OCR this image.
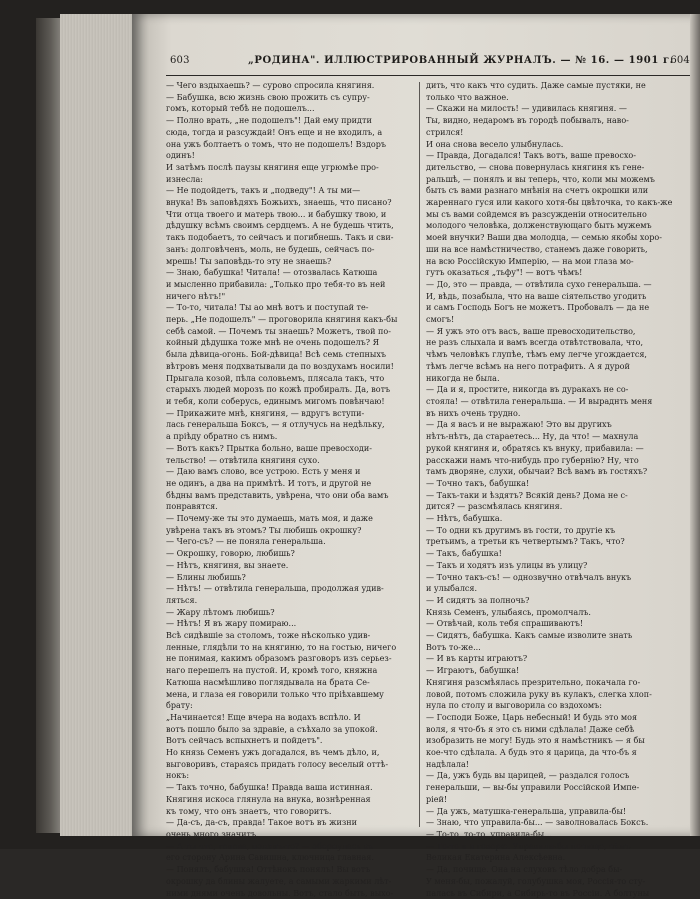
603	„РОДИНА". ИЛЛЮСТРИРОВАННЫЙ ЖУРНАЛЪ. — № 16. — 1901 г.
604
— Чего вздыхаешь? — сурово спросила княгиня.
— Бабушка, всю жизнь свою прожить съ супру-
гомъ, который тебѣ не подошелъ...
— Полно врать, „не подошелъ"! Дай ему придти
сюда, тогда и разсуждай! Онъ еще и не входилъ, а
она ужъ болтаетъ о томъ, что не подошелъ! Вздоръ
одинъ!
И затѣмъ послѣ паузы княгиня еще угрюмѣе про-
изнесла:
— Не подойдетъ, такъ и „подведу"! А ты ми—
внука! Въ заповѣдяхъ Божьихъ, знаешь, что писано?
Чти отца твоего и матерь твою... и бабушку твою, и
дѣдушку всѣмъ своимъ сердцемъ. А не будешь чтить,
такъ подобаетъ, то сейчасъ и погибнешь. Такъ и сви-
занъ: долговѣченъ, моль, не будешь, сейчасъ по-
мрешь! Ты заповѣдь-то эту не знаешь?
— Знаю, бабушка! Читала! — отозвалась Катюша
и мысленно прибавила: „Только про тебя-то въ ней
ничего нѣтъ!"
— То-то, читала! Ты ао мнѣ вотъ и поступай те-
перь. „Не подошелъ" — проговорила княгиня какъ-бы
себѣ самой. — Почемъ ты знаешь? Можетъ, твой по-
койный дѣдушка тоже мнѣ не очень подошелъ? Я
была дѣвица-огонь. Бой-дѣвица! Всѣ семь степныхъ
вѣтровъ меня подхватывали да по воздухамъ носили!
Прыгала козой, пѣла соловьемъ, плясала такъ, что
старыхъ людей морозъ по кожѣ пробиралъ. Да, вотъ
и тебя, коли соберусь, единымъ мигомъ повѣнчаю!
— Прикажите мнѣ, княгиня, — вдругъ вступи-
лась генеральша Боксъ, — я отлучусь на недѣльку,
а пріѣду обратно съ нимъ.
— Вотъ какъ? Прытка больно, ваше превосходи-
тельство! — отвѣтила княгиня сухо.
— Даю вамъ слово, все устрою. Есть у меня и
не одинъ, а два на примѣтѣ. И тотъ, и другой не
бѣдны вамъ представить, увѣрена, что они оба вамъ
понравятся.
— Почему-же ты это думаешь, мать моя, и даже
увѣрена такъ въ этомъ? Ты любишь окрошку?
— Чего-съ? — не поняла генеральша.
— Окрошку, говорю, любишь?
— Нѣтъ, княгиня, вы знаете.
— Блины любишь?
— Нѣтъ! — отвѣтила генеральша, продолжая удив-
ляться.
— Жару лѣтомъ любишь?
— Нѣтъ! Я въ жару помираю...
Всѣ сидѣвшіе за столомъ, тоже нѣсколько удив-
ленные, глядѣли то на княгиню, то на гостью, ничего
не понимая, какимъ образомъ разговоръ изъ серьез-
наго перешелъ на пустой. И, кромѣ того, княжна
Катюша насмѣшливо поглядывала на брата Се-
мена, и глаза ея говорили только что пріѣхавшему
брату:
„Начинается! Еще вчера на водахъ вспѣло. И
вотъ пошло было за здравіе, а съѣхало за упокой.
Вотъ сейчасъ вспыхнетъ и пойдетъ".
Но князь Семенъ ужъ догадался, въ чемъ дѣло, и,
выговоривъ, стараясь придать голосу веселый оттѣ-
нокъ:
— Такъ точно, бабушка! Правда ваша истинная.
Княгиня искоса глянула на внука, вознѣренная
къ тому, что онъ знаетъ, что говоритъ.
— Да-съ, да-съ, правда! Такое вотъ въ жизни
очень много значитъ.
— А ты что, голова, понялъ-то? — обернулась въ
его сторону Арина Савишна, ключница главная.
— Понялъ, бабушка! Оттѣнокъ понялъ! Вы вотъ
окрошку да блины жалуете, а самыми жаркими лѣт-
ними днями очень довольны. Вотъ, стало быть, выхо-
дить, что какъ что судить. Даже самые пустяки, не
только что важное.
— Скажи на милость! — удивилась княгиня. —
Ты, видно, недаромъ въ городѣ побывалъ, наво-
стрился!
И она снова весело улыбнулась.
— Правда, Догадался! Такъ вотъ, ваше превосхо-
дительство, — снова повернулась княгиня къ гене-
ральшѣ, — понялъ и вы теперь, что, коли мы можемъ
быть съ вами разнаго мнѣнія на счетъ окрошки или
жареннаго гуся или какого хотя-бы цвѣточка, то какъ-же
мы съ вами сойдемся въ разсужденіи относительно
молодого человѣка, долженствующаго быть мужемъ
моей внучки? Ваши два молодца, — семью якобы хоро-
ши на все намѣстничество, станемъ даже говорить,
на всю Россійскую Имперію, — на мои глаза мо-
гутъ оказаться „тьфу"! — вотъ чѣмъ!
— До, это — правда, — отвѣтила сухо генеральша. —
И, вѣдь, позабыла, что на ваше сіятельство угодить
и самъ Господь Богъ не можетъ. Пробовалъ — да не
смогъ!
— Я ужъ это отъ васъ, ваше превосходительство,
не разъ слыхала и вамъ всегда отвѣтствовала, что,
чѣмъ человѣкъ глупѣе, тѣмъ ему легче угождается,
тѣмъ легче всѣмъ на него потрафить. А я дурой
никогда не была.
— Да и я, простите, никогда въ дуракахъ не со-
стояла! — отвѣтила генеральша. — И выраднть меня
въ нихъ очень трудно.
— Да я васъ и не выражаю! Это вы другихъ
нѣтъ-нѣтъ, да стараетесь... Ну, да что! — махнула
рукой княгиня и, обратясь къ внуку, прибавила: —
расскажи намъ что-нибудь про губернію? Ну, что
тамъ дворяне, слухи, обычаи? Всѣ вамъ въ гостяхъ?
— Точно такъ, бабушка!
— Такъ-таки и ѣздятъ? Всякій день? Дома не с-
дится? — разсмѣялась княгиня.
— Нѣтъ, бабушка.
— То одни къ другимъ въ гости, то другіе къ
третьимъ, а третьи къ четвертымъ? Такъ, что?
— Такъ, бабушка!
— Такъ и ходятъ изъ улицы въ улицу?
— Точно такъ-съ! — однозвучно отвѣчалъ внукъ
и улыбался.
— И сидятъ за полночь?
Князь Семенъ, улыбаясь, промолчалъ.
— Отвѣчай, коль тебя спрашиваютъ!
— Сидятъ, бабушка. Какъ самые изволите знать
Вотъ то-же...
— И въ карты играютъ?
— Играютъ, бабушка!
Княгиня разсмѣялась презрительно, покачала го-
ловой, потомъ сложила руку въ кулакъ, слегка хлоп-
нула по столу и выговорила со вздохомъ:
— Господи Боже, Царь небесный! И будь это моя
воля, я что-бъ я это съ ними сдѣлала! Даже себѣ
изобразить не могу! Будь это я намѣстникъ — я бы
кое-что сдѣлала. А будь это я царица, да что-бъ я
надѣлала!
— Да, ужъ будь вы царицей, — раздался голосъ
генеральши, — вы-бы управили Россійской Импе-
ріей!
— Да ужъ, матушка-генеральша, управила-бы!
— Знаю, что управила-бы... — заволновалась Боксъ.
— То-то, то-то, управила-бы...
— То-то и я говорю. Управили-бы почище, чѣмъ
Великая Екатерина Алексѣевна.
— Да, почище. Она на слуховъ тѣло добра бы-
У меня-бы, пожалуй, голубушка моя, Россія-то сту-
палась въ Сибири, а Сибирь-то въ Россіи. А болтуны
